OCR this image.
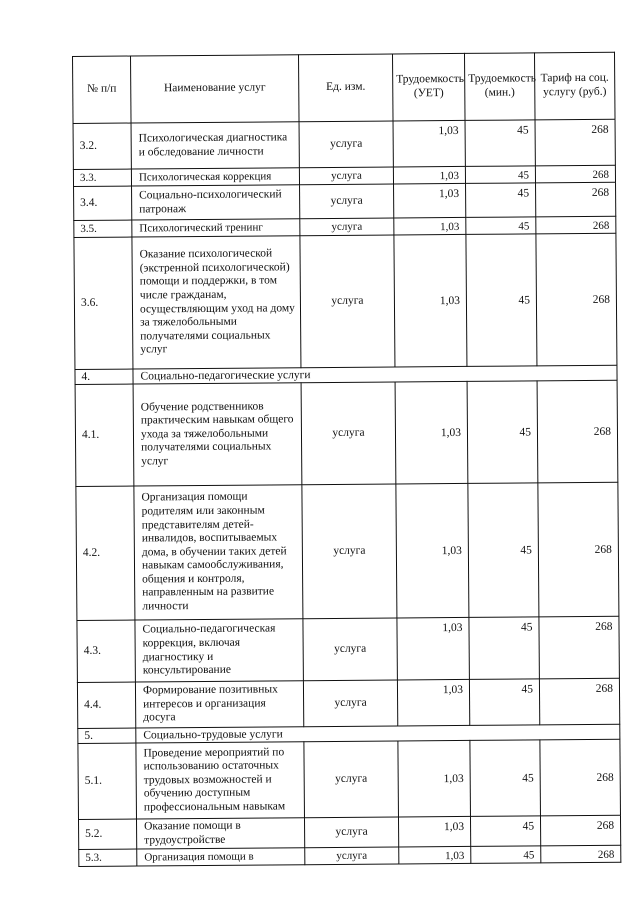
№ п/п	Наименование услуг	Ед. изм.	Трудоемкость (УЕТ)	Трудоемкость (мин.)	Тариф на соц. услугу (руб.)
3.2.	Психологическая диагностика и обследование личности	услуга	1,03	45	268
3.3.	Психологическая коррекция	услуга	1,03	45	268
3.4.	Социально-психологический патронаж	услуга	1,03	45	268
3.5.	Психологический тренинг	услуга	1,03	45	268
3.6.	Оказание психологической (экстренной психологической) помощи и поддержки, в том числе гражданам, осуществляющим уход на дому за тяжелобольными получателями социальных услуг	услуга	1,03	45	268
4.	Социально-педагогические услуги				
4.1.	Обучение родственников практическим навыкам общего ухода за тяжелобольными получателями социальных услуг	услуга	1,03	45	268
4.2.	Организация помощи родителям или законным представителям детей-инвалидов, воспитываемых дома, в обучении таких детей навыкам самообслуживания, общения и контроля, направленным на развитие личности	услуга	1,03	45	268
4.3.	Социально-педагогическая коррекция, включая диагностику и консультирование	услуга	1,03	45	268
4.4.	Формирование позитивных интересов и организация досуга	услуга	1,03	45	268
5.	Социально-трудовые услуги				
5.1.	Проведение мероприятий по использованию остаточных трудовых возможностей и обучению доступным профессиональным навыкам	услуга	1,03	45	268
5.2.	Оказание помощи в трудоустройстве	услуга	1,03	45	268
5.3.	Организация помощи в	услуга	1,03	45	268
